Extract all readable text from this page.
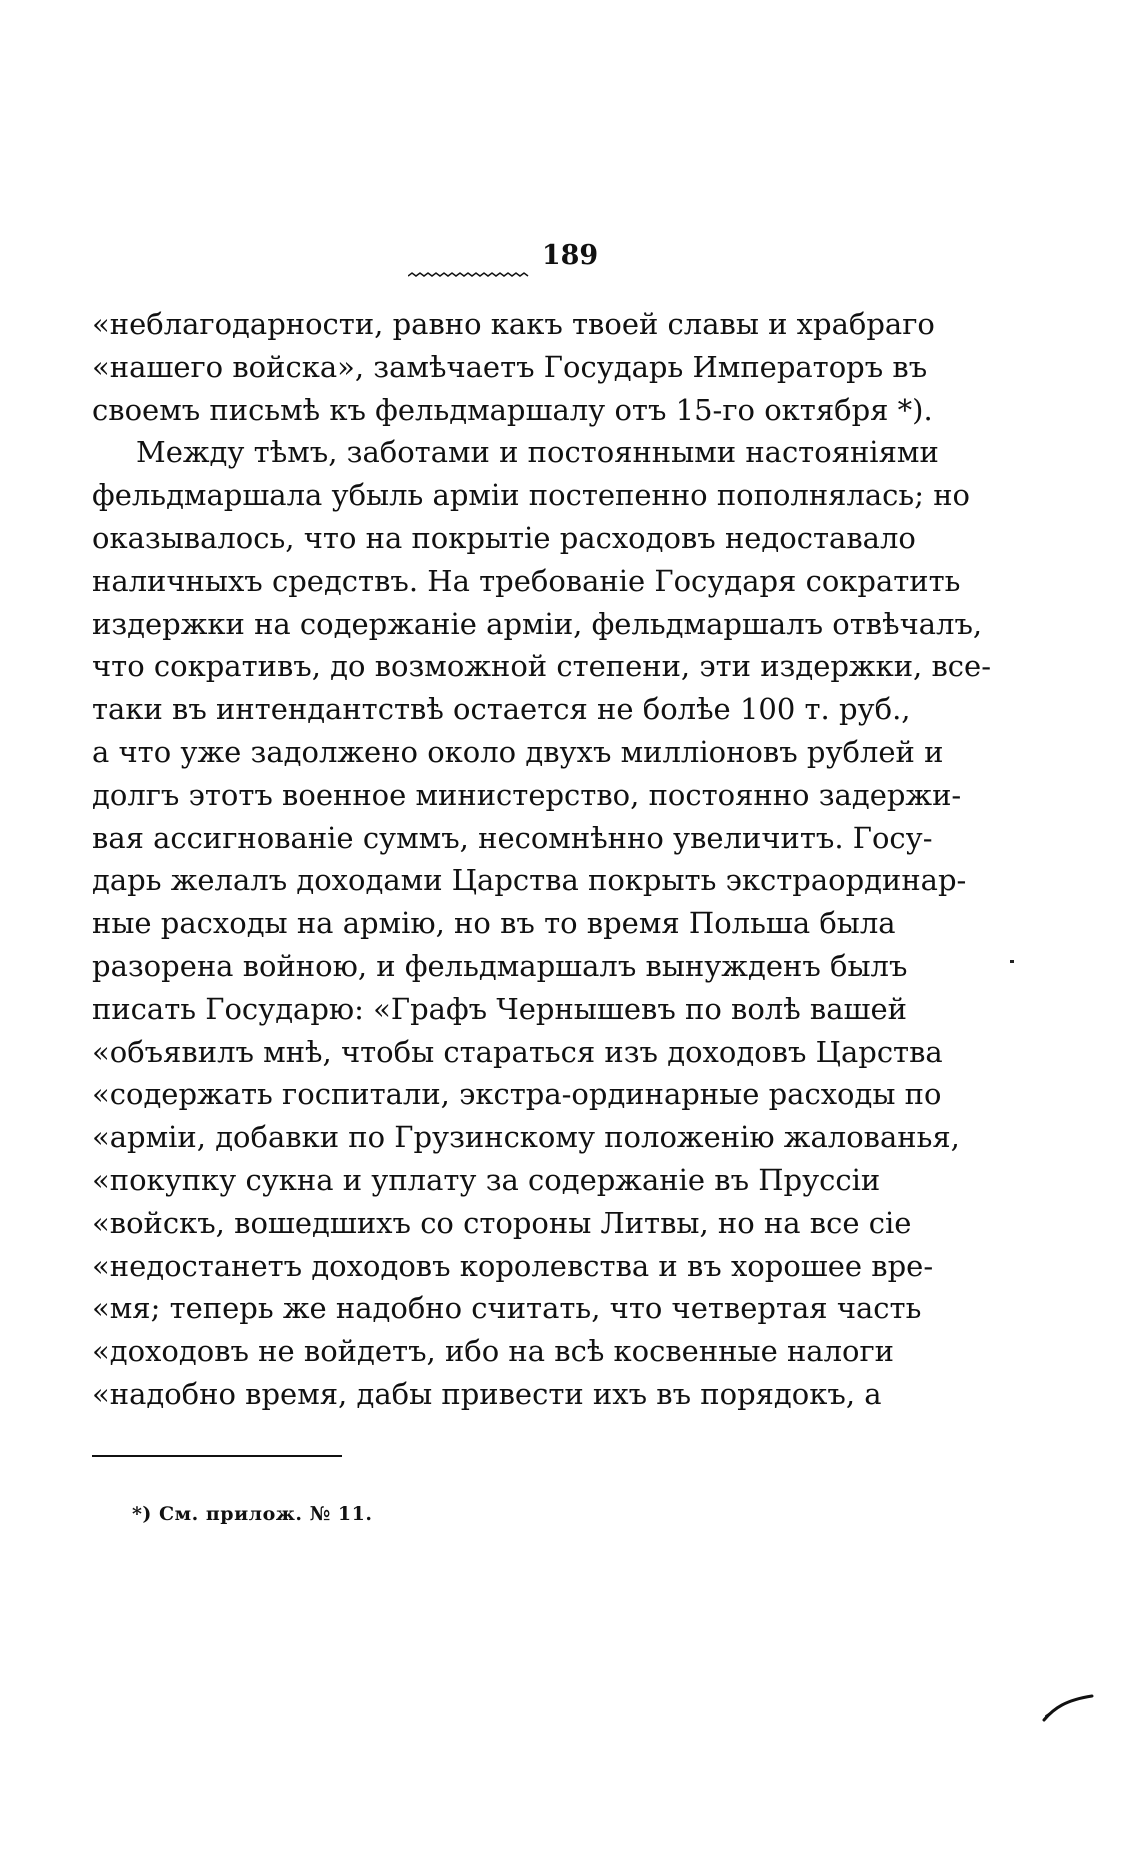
189
«неблагодарности, равно какъ твоей славы и храбраго
«нашего войска», замѣчаетъ Государь Императоръ въ
своемъ письмѣ къ фельдмаршалу отъ 15-го октября *).
Между тѣмъ, заботами и постоянными настояніями
фельдмаршала убыль арміи постепенно пополнялась; но
оказывалось, что на покрытіе расходовъ недоставало
наличныхъ средствъ. На требованіе Государя сократить
издержки на содержаніе арміи, фельдмаршалъ отвѣчалъ,
что сокративъ, до возможной степени, эти издержки, все-
таки въ интендантствѣ остается не болѣе 100 т. руб.,
а что уже задолжено около двухъ милліоновъ рублей и
долгъ этотъ военное министерство, постоянно задержи-
вая ассигнованіе суммъ, несомнѣнно увеличитъ. Госу-
дарь желалъ доходами Царства покрыть экстраординар-
ные расходы на армію, но въ то время Польша была
разорена войною, и фельдмаршалъ вынужденъ былъ
писать Государю: «Графъ Чернышевъ по волѣ вашей
«объявилъ мнѣ, чтобы стараться изъ доходовъ Царства
«содержать госпитали, экстра-ординарные расходы по
«арміи, добавки по Грузинскому положенію жалованья,
«покупку сукна и уплату за содержаніе въ Пруссіи
«войскъ, вошедшихъ со стороны Литвы, но на все сіе
«недостанетъ доходовъ королевства и въ хорошее вре-
«мя; теперь же надобно считать, что четвертая часть
«доходовъ не войдетъ, ибо на всѣ косвенные налоги
«надобно время, дабы привести ихъ въ порядокъ, а
*) См. прилож. № 11.
